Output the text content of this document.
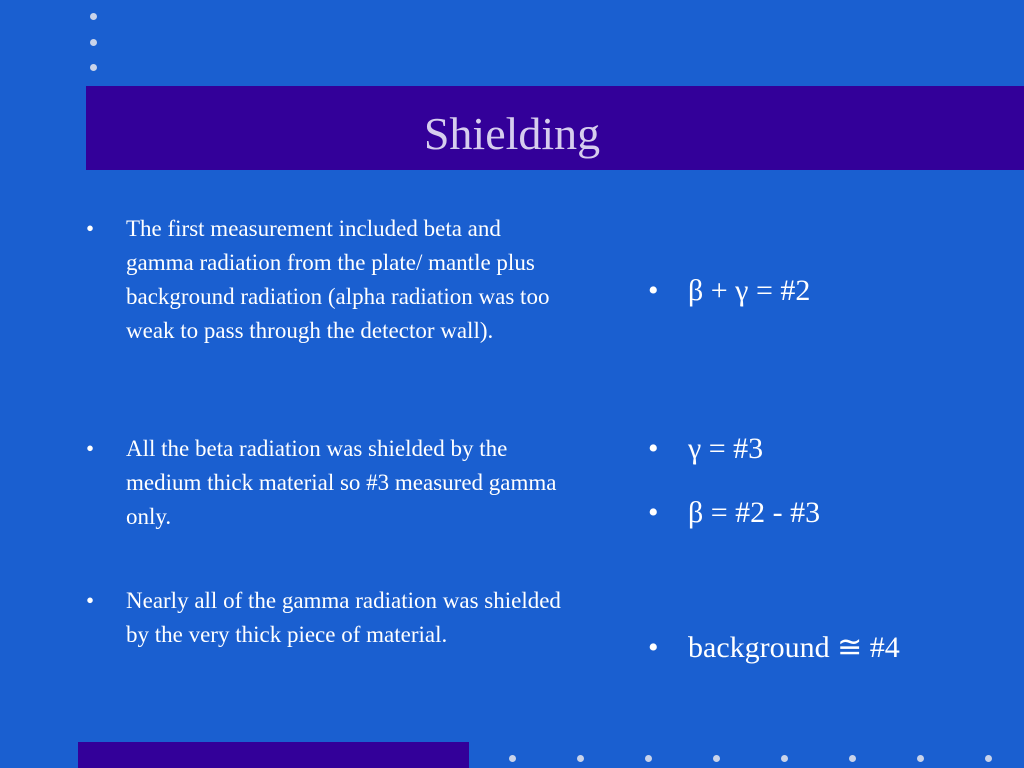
Shielding
• The first measurement included beta and gamma radiation from the plate/ mantle plus background radiation (alpha radiation was too weak to pass through the detector wall).
• All the beta radiation was shielded by the medium thick material so #3 measured gamma only.
• Nearly all of the gamma radiation was shielded by the very thick piece of material.
• β + γ = #2
• γ = #3
• β = #2 - #3
• background ≅ #4
